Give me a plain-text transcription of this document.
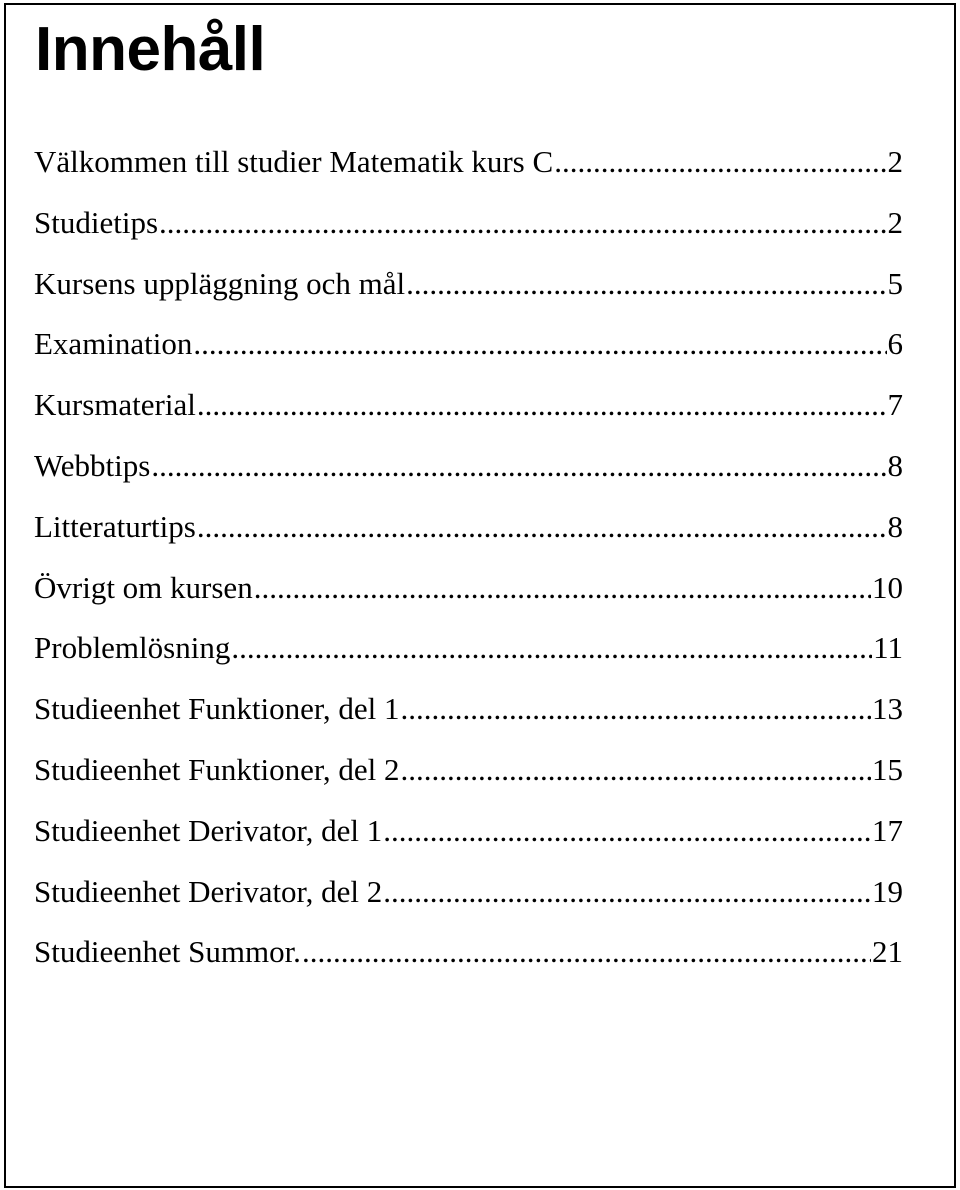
Innehåll
Välkommen till studier Matematik kurs C .....	2
Studietips .....	2
Kursens uppläggning och mål .....	5
Examination .....	6
Kursmaterial .....	7
Webbtips .....	8
Litteraturtips .....	8
Övrigt om kursen .....	10
Problemlösning .....	11
Studieenhet Funktioner, del 1 .....	13
Studieenhet Funktioner, del 2 .....	15
Studieenhet Derivator, del 1 .....	17
Studieenhet Derivator, del 2 .....	19
Studieenhet Summor. .....	21
